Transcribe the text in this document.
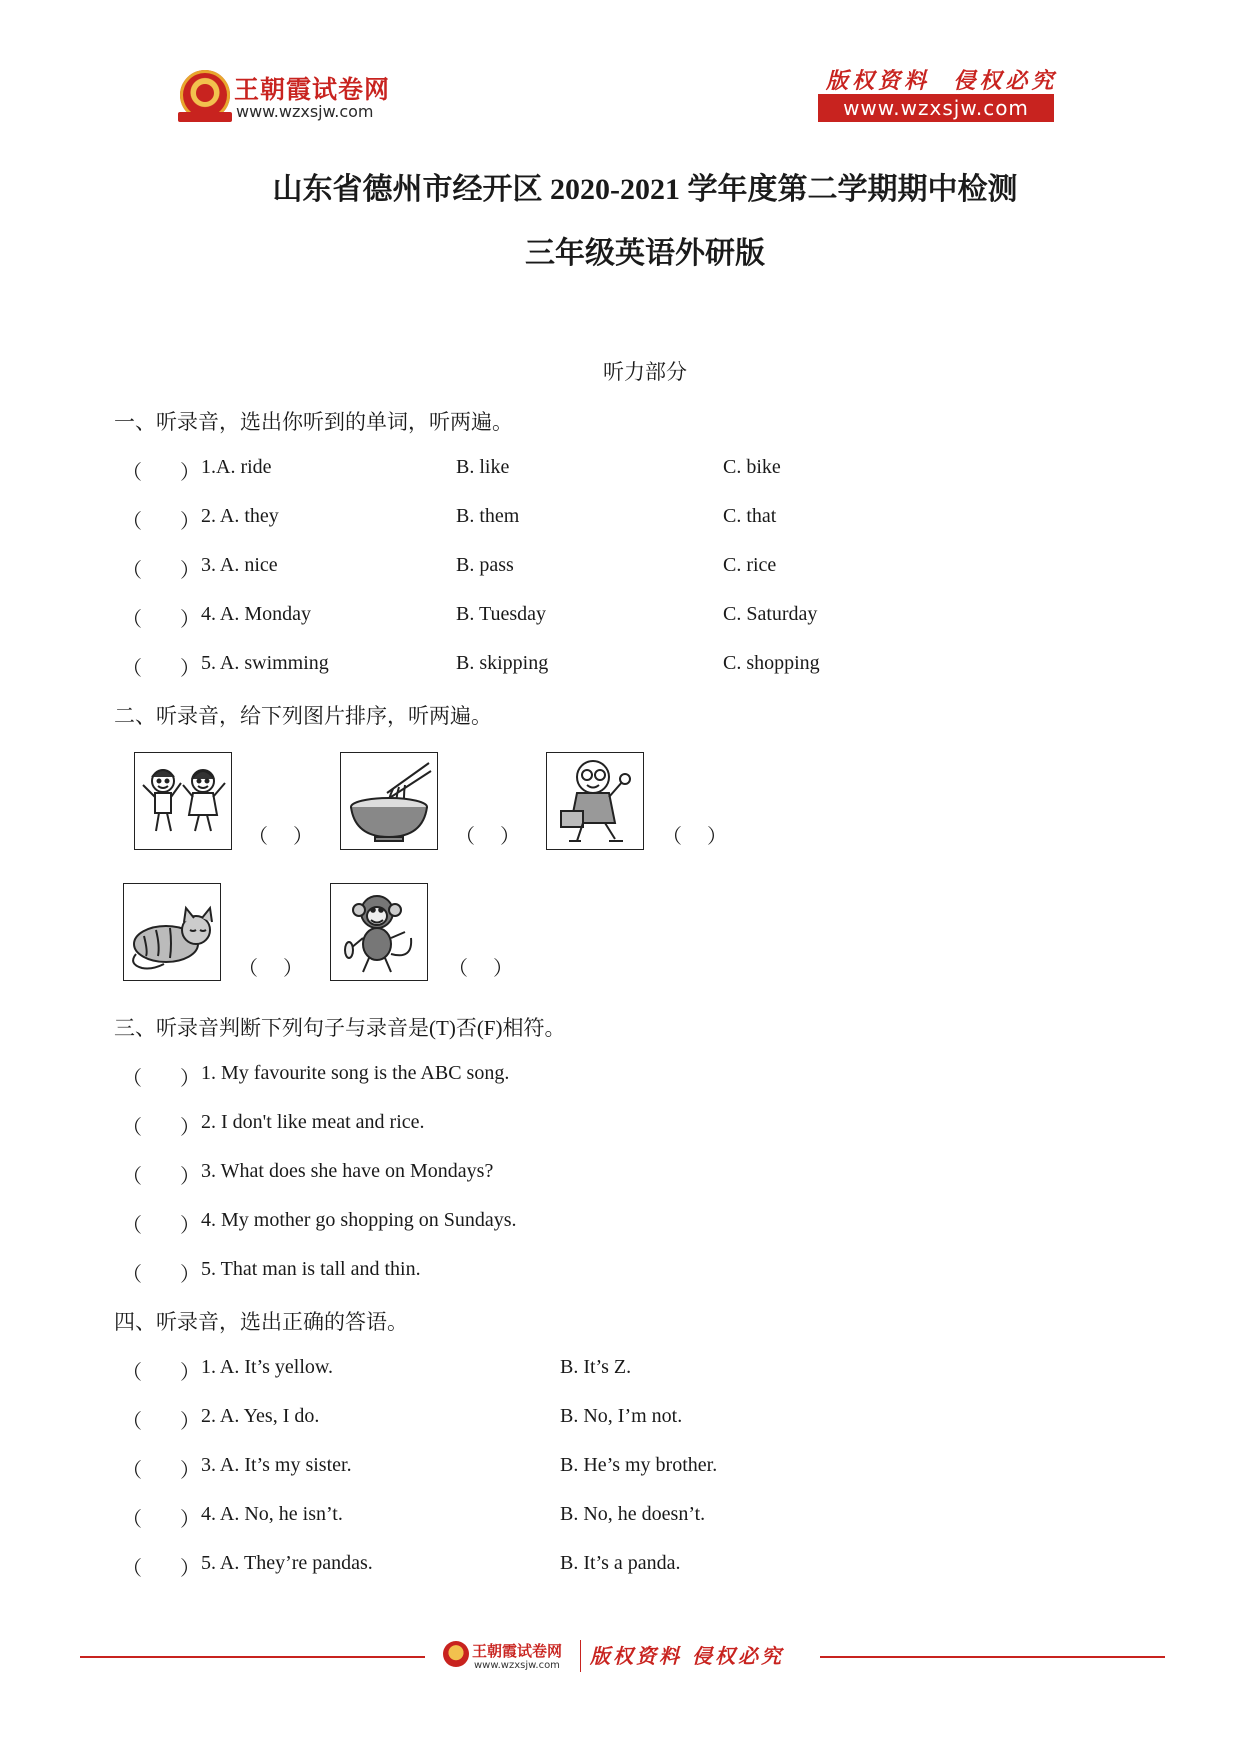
王朝霞试卷网
www.wzxsjw.com
版权资料  侵权必究
www.wzxsjw.com
山东省德州市经开区 2020-2021 学年度第二学期期中检测
三年级英语外研版
听力部分
一、听录音，选出你听到的单词，听两遍。
（ ） 1.A. ride	B. like	C. bike
（ ） 2. A. they	B. them	C. that
（ ） 3. A. nice	B. pass	C. rice
（ ） 4. A. Monday	B. Tuesday	C. Saturday
（ ） 5. A. swimming	B. skipping	C. shopping
二、听录音，给下列图片排序，听两遍。
（ ）	（ ）	（ ）
（ ）	（ ）
三、听录音判断下列句子与录音是(T)否(F)相符。
（ ） 1. My favourite song is the ABC song.
（ ） 2. I don't like meat and rice.
（ ） 3. What does she have on Mondays?
（ ） 4. My mother go shopping on Sundays.
（ ） 5. That man is tall and thin.
四、听录音，选出正确的答语。
（ ） 1. A. It’s yellow.	B. It’s Z.
（ ） 2. A. Yes, I do.	B. No, I’m not.
（ ） 3. A. It’s my sister.	B. He’s my brother.
（ ） 4. A. No, he isn’t.	B. No, he doesn’t.
（ ） 5. A. They’re pandas.	B. It’s a panda.
王朝霞试卷网
www.wzxsjw.com 版权资料 侵权必究
